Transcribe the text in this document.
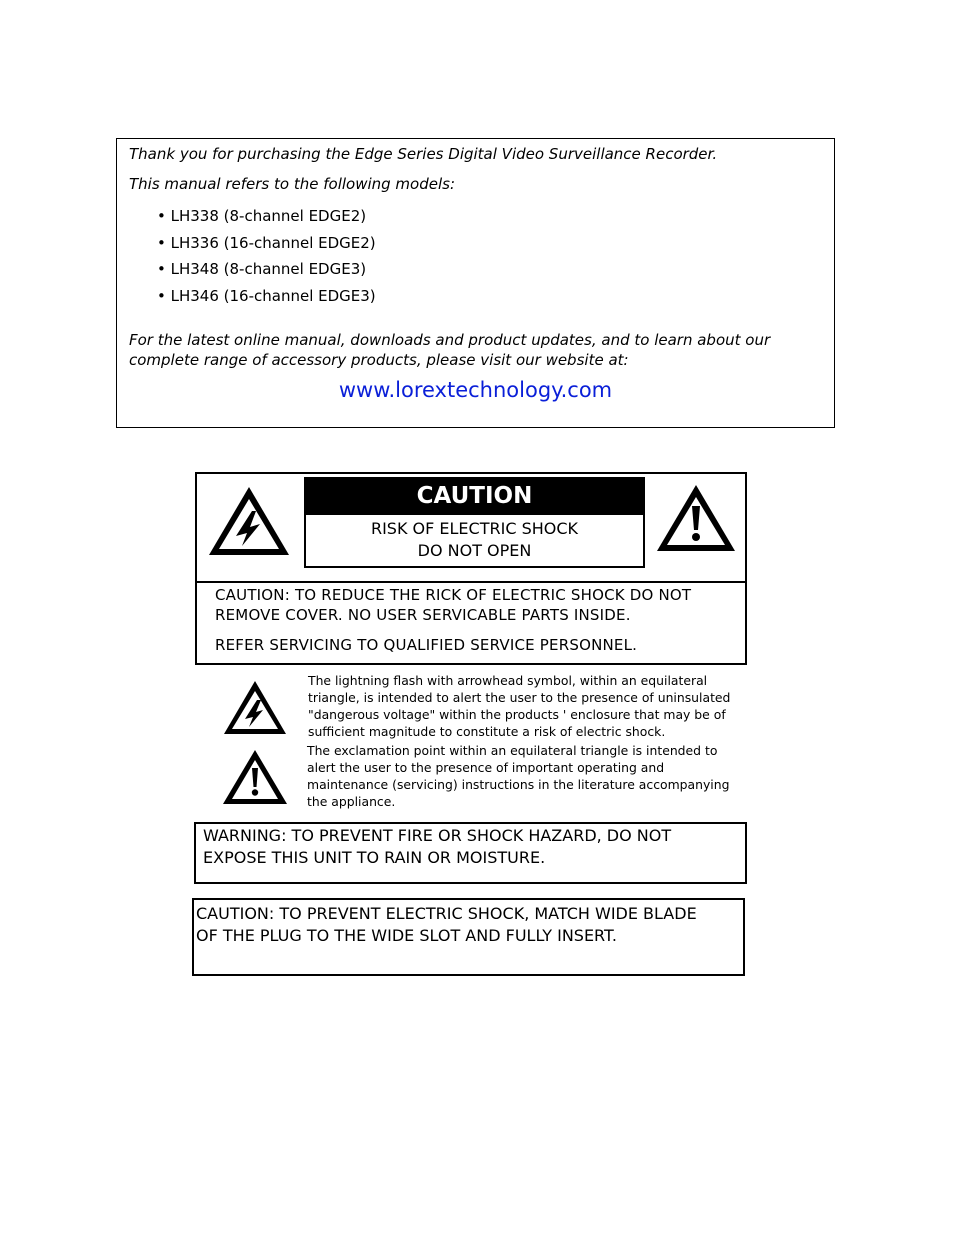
Thank you for purchasing the Edge Series Digital Video Surveillance Recorder.
This manual refers to the following models:
• LH338 (8-channel EDGE2)
• LH336 (16-channel EDGE2)
• LH348 (8-channel EDGE3)
• LH346 (16-channel EDGE3)
For the latest online manual, downloads and product updates, and to learn about our
complete range of accessory products, please visit our website at:
www.lorextechnology.com
CAUTION
RISK OF ELECTRIC SHOCK
DO NOT OPEN
CAUTION: TO REDUCE THE RICK OF ELECTRIC SHOCK DO NOT
REMOVE COVER. NO USER SERVICABLE PARTS INSIDE.
REFER SERVICING TO QUALIFIED SERVICE PERSONNEL.
The lightning flash with arrowhead symbol, within an equilateral
triangle, is intended to alert the user to the presence of uninsulated
"dangerous voltage" within the products ' enclosure that may be of
sufficient magnitude to constitute a risk of electric shock.
The exclamation point within an equilateral triangle is intended to
alert the user to the presence of important operating and
maintenance (servicing) instructions in the literature accompanying
the appliance.
WARNING: TO PREVENT FIRE OR SHOCK HAZARD, DO NOT
EXPOSE THIS UNIT TO RAIN OR MOISTURE.
CAUTION: TO PREVENT ELECTRIC SHOCK, MATCH WIDE BLADE
OF THE PLUG TO THE WIDE SLOT AND FULLY INSERT.
